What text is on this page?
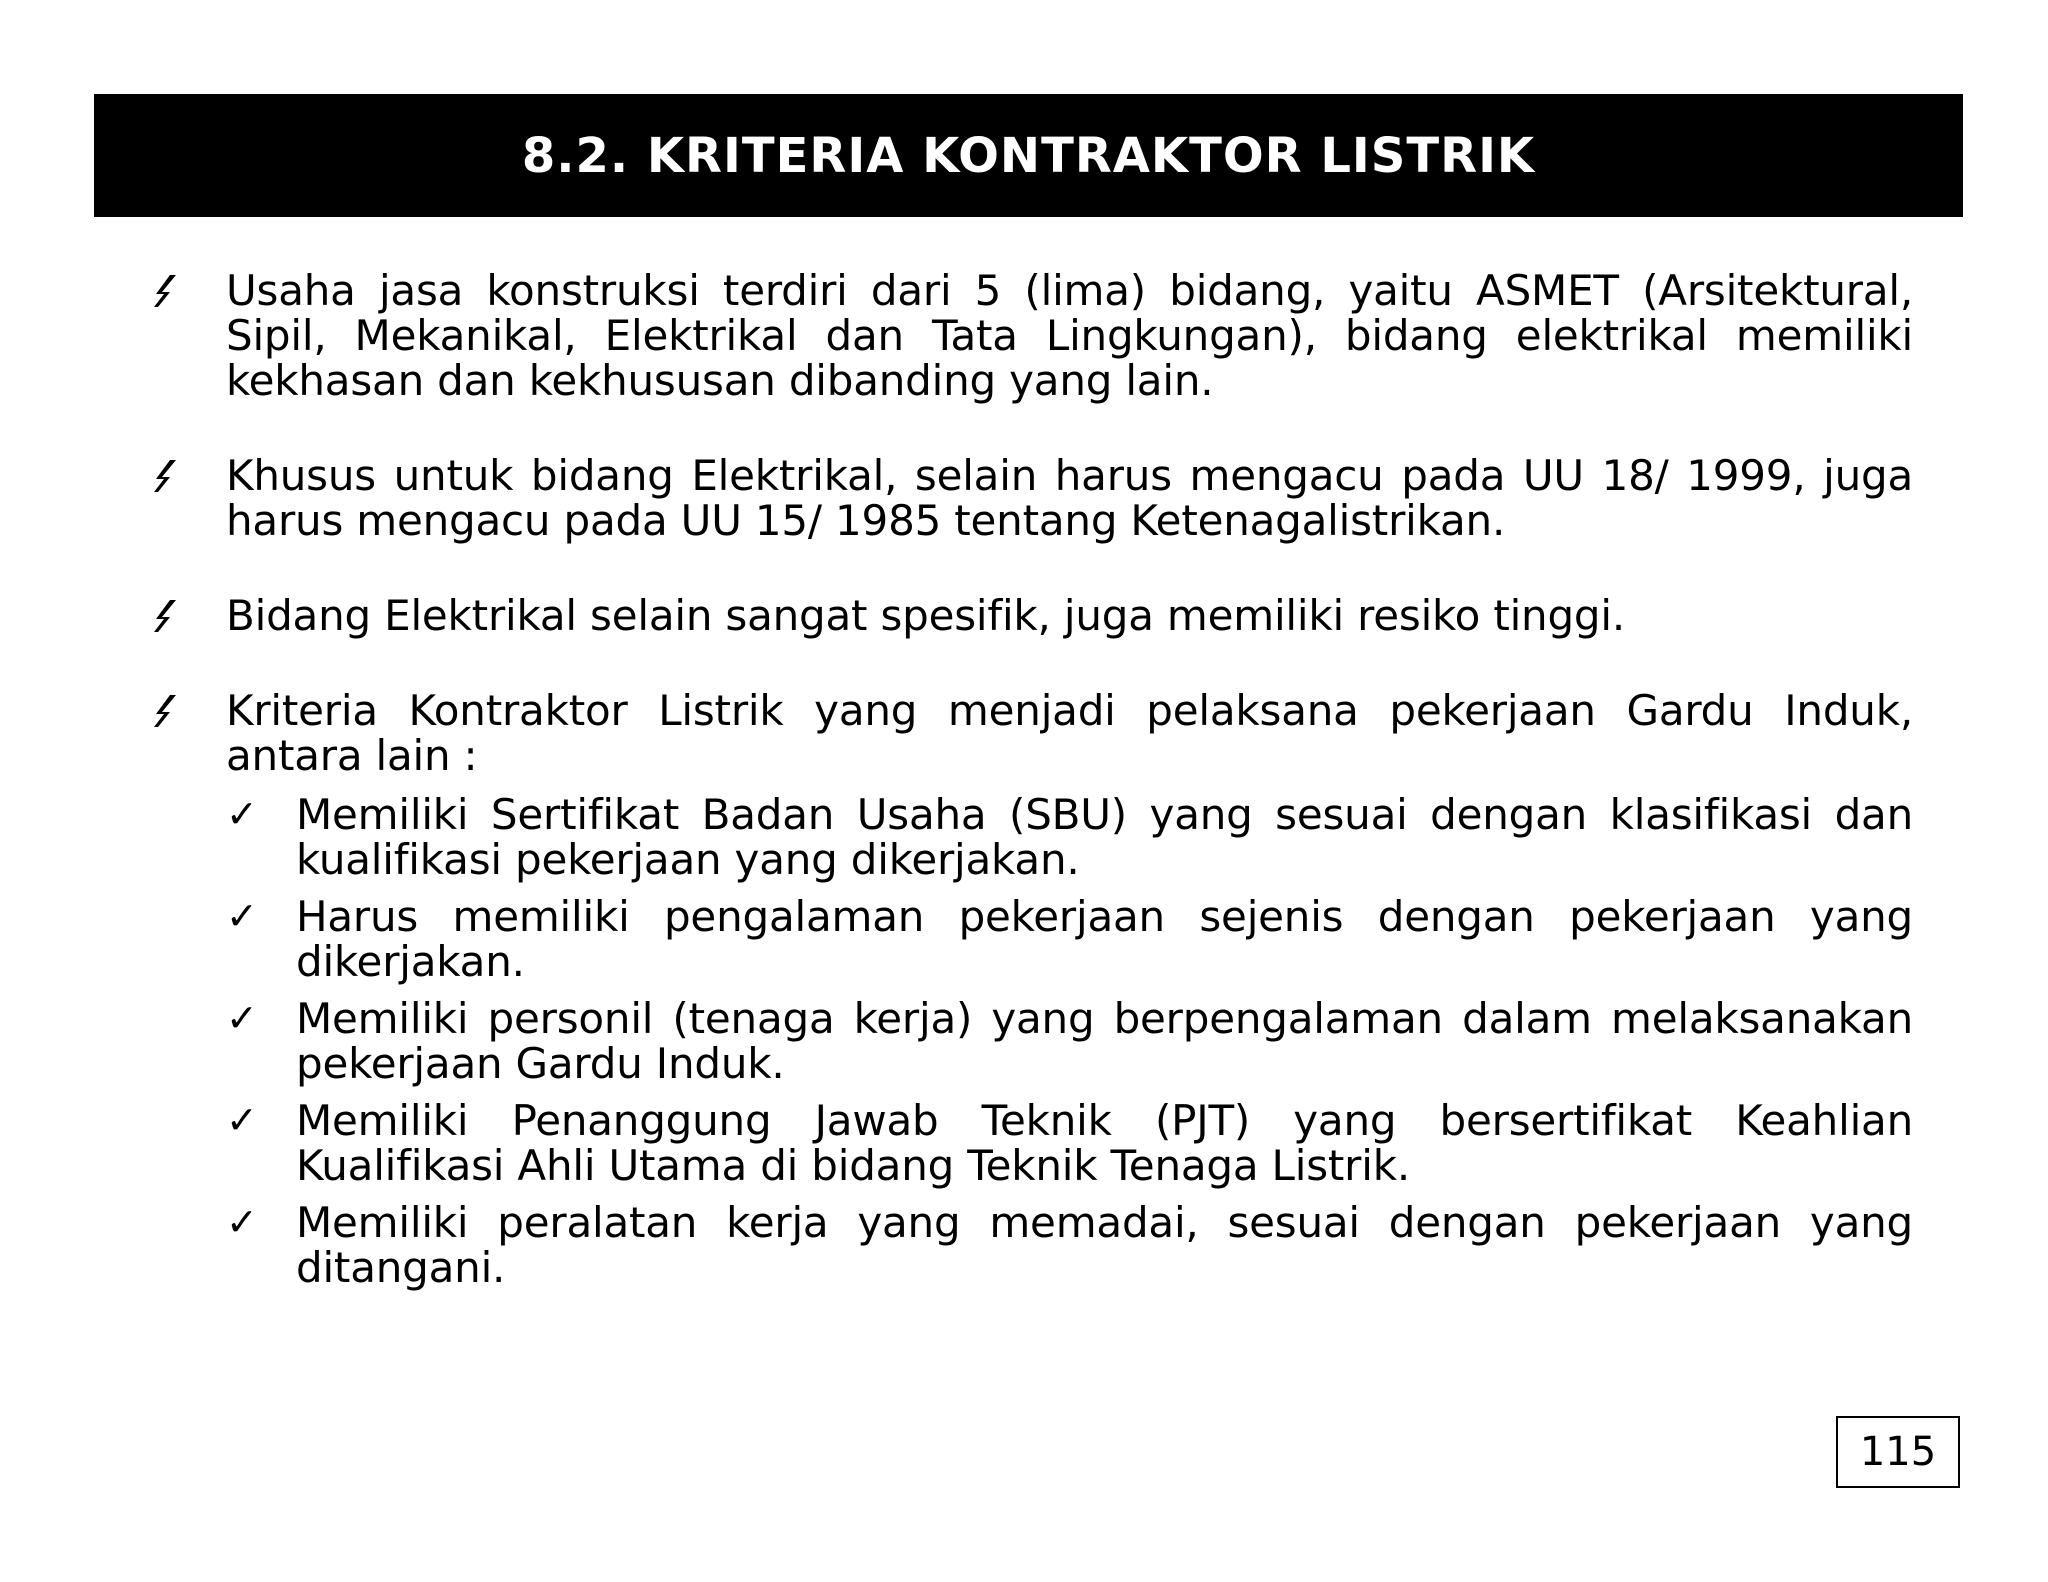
8.2. KRITERIA KONTRAKTOR LISTRIK
Usaha jasa konstruksi terdiri dari 5 (lima) bidang, yaitu ASMET (Arsitektural, Sipil, Mekanikal, Elektrikal dan Tata Lingkungan), bidang elektrikal memiliki kekhasan dan kekhususan dibanding yang lain.
Khusus untuk bidang Elektrikal, selain harus mengacu pada UU 18/ 1999, juga harus mengacu pada UU 15/ 1985 tentang Ketenagalistrikan.
Bidang Elektrikal selain sangat spesifik, juga memiliki resiko tinggi.
Kriteria Kontraktor Listrik yang menjadi pelaksana pekerjaan Gardu Induk, antara lain :
✓ Memiliki Sertifikat Badan Usaha (SBU) yang sesuai dengan klasifikasi dan kualifikasi pekerjaan yang dikerjakan.
✓ Harus memiliki pengalaman pekerjaan sejenis dengan pekerjaan yang dikerjakan.
✓ Memiliki personil (tenaga kerja) yang berpengalaman dalam melaksanakan pekerjaan Gardu Induk.
✓ Memiliki Penanggung Jawab Teknik (PJT) yang bersertifikat Keahlian Kualifikasi Ahli Utama di bidang Teknik Tenaga Listrik.
✓ Memiliki peralatan kerja yang memadai, sesuai dengan pekerjaan yang ditangani.
115
